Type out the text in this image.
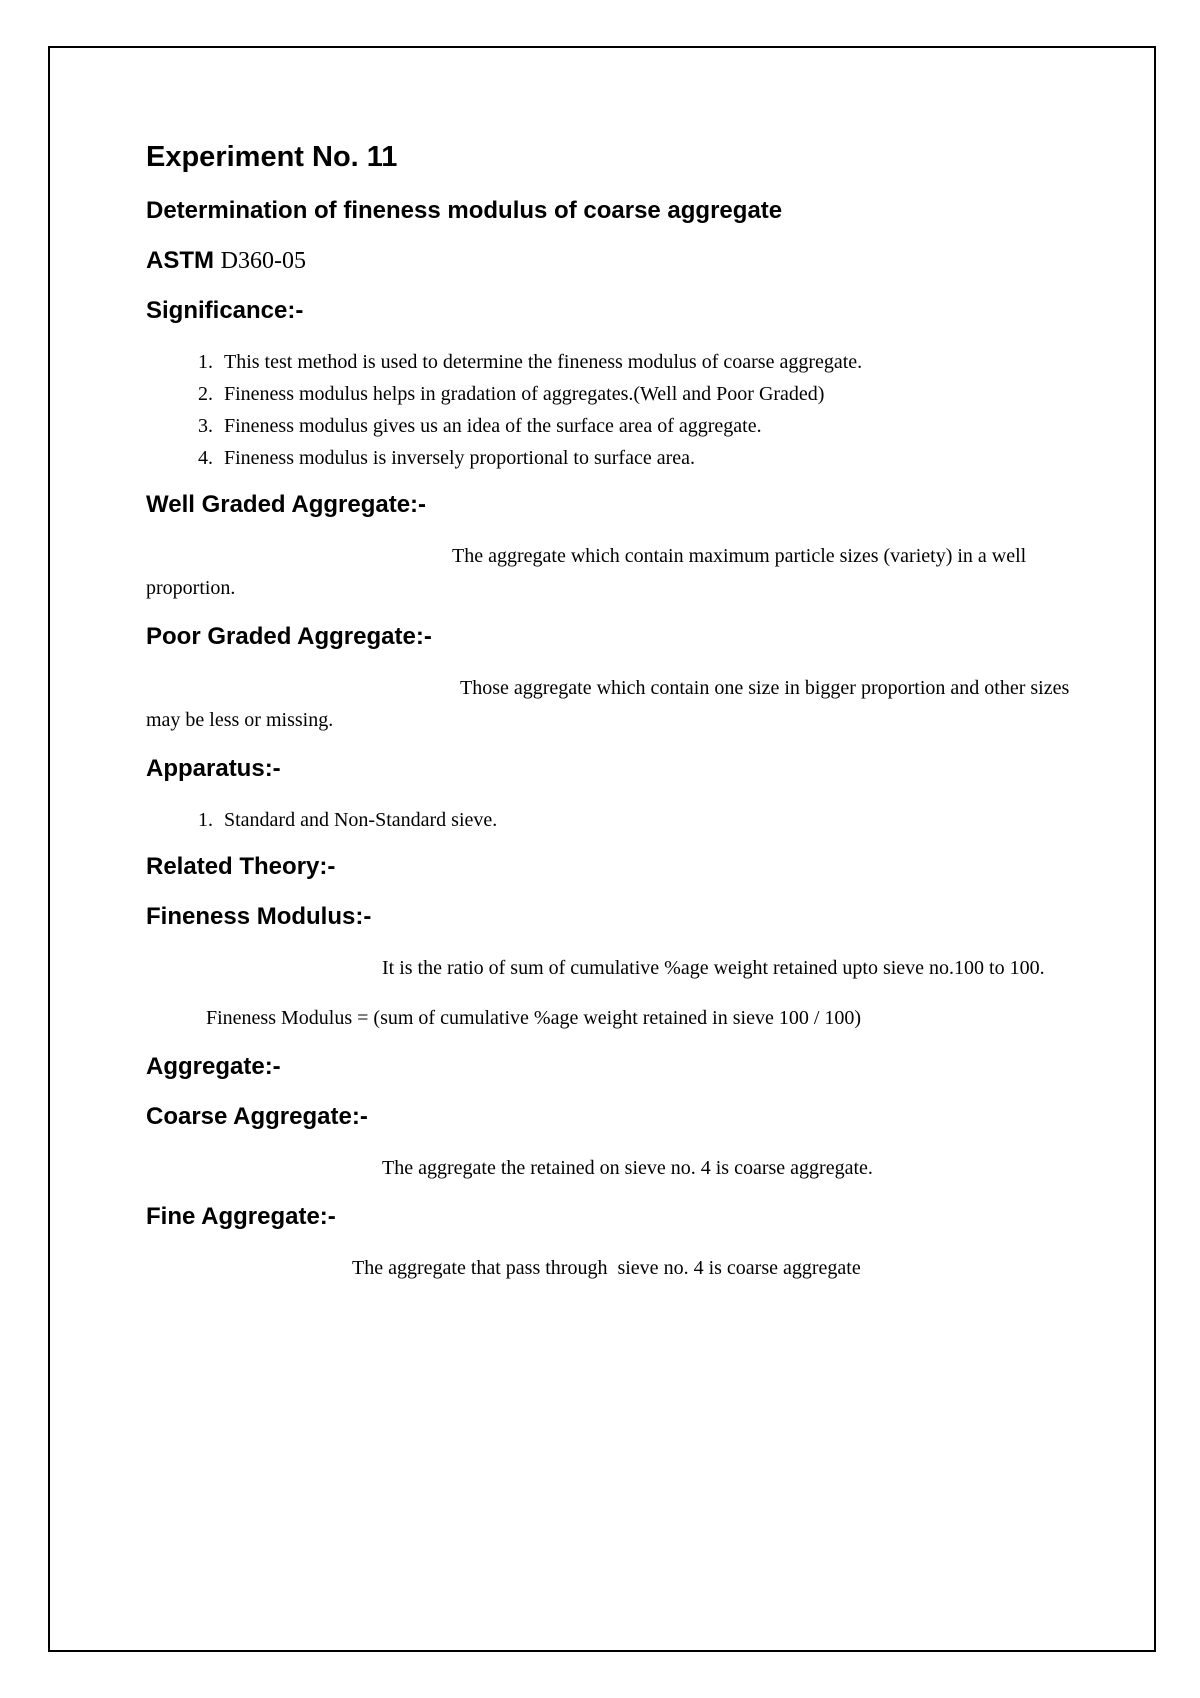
Experiment No. 11
Determination of fineness modulus of coarse aggregate
ASTM D360-05
Significance:-
1. This test method is used to determine the fineness modulus of coarse aggregate.
2. Fineness modulus helps in gradation of aggregates.(Well and Poor Graded)
3. Fineness modulus gives us an idea of the surface area of aggregate.
4. Fineness modulus is inversely proportional to surface area.
Well Graded Aggregate:-
The aggregate which contain maximum particle sizes (variety) in a well proportion.
Poor Graded Aggregate:-
Those aggregate which contain one size in bigger proportion and other sizes may be less or missing.
Apparatus:-
1. Standard and Non-Standard sieve.
Related Theory:-
Fineness Modulus:-
It is the ratio of sum of cumulative %age weight retained upto sieve no.100 to 100.
Fineness Modulus = (sum of cumulative %age weight retained in sieve 100 / 100)
Aggregate:-
Coarse Aggregate:-
The aggregate the retained on sieve no. 4 is coarse aggregate.
Fine Aggregate:-
The aggregate that pass through  sieve no. 4 is coarse aggregate
